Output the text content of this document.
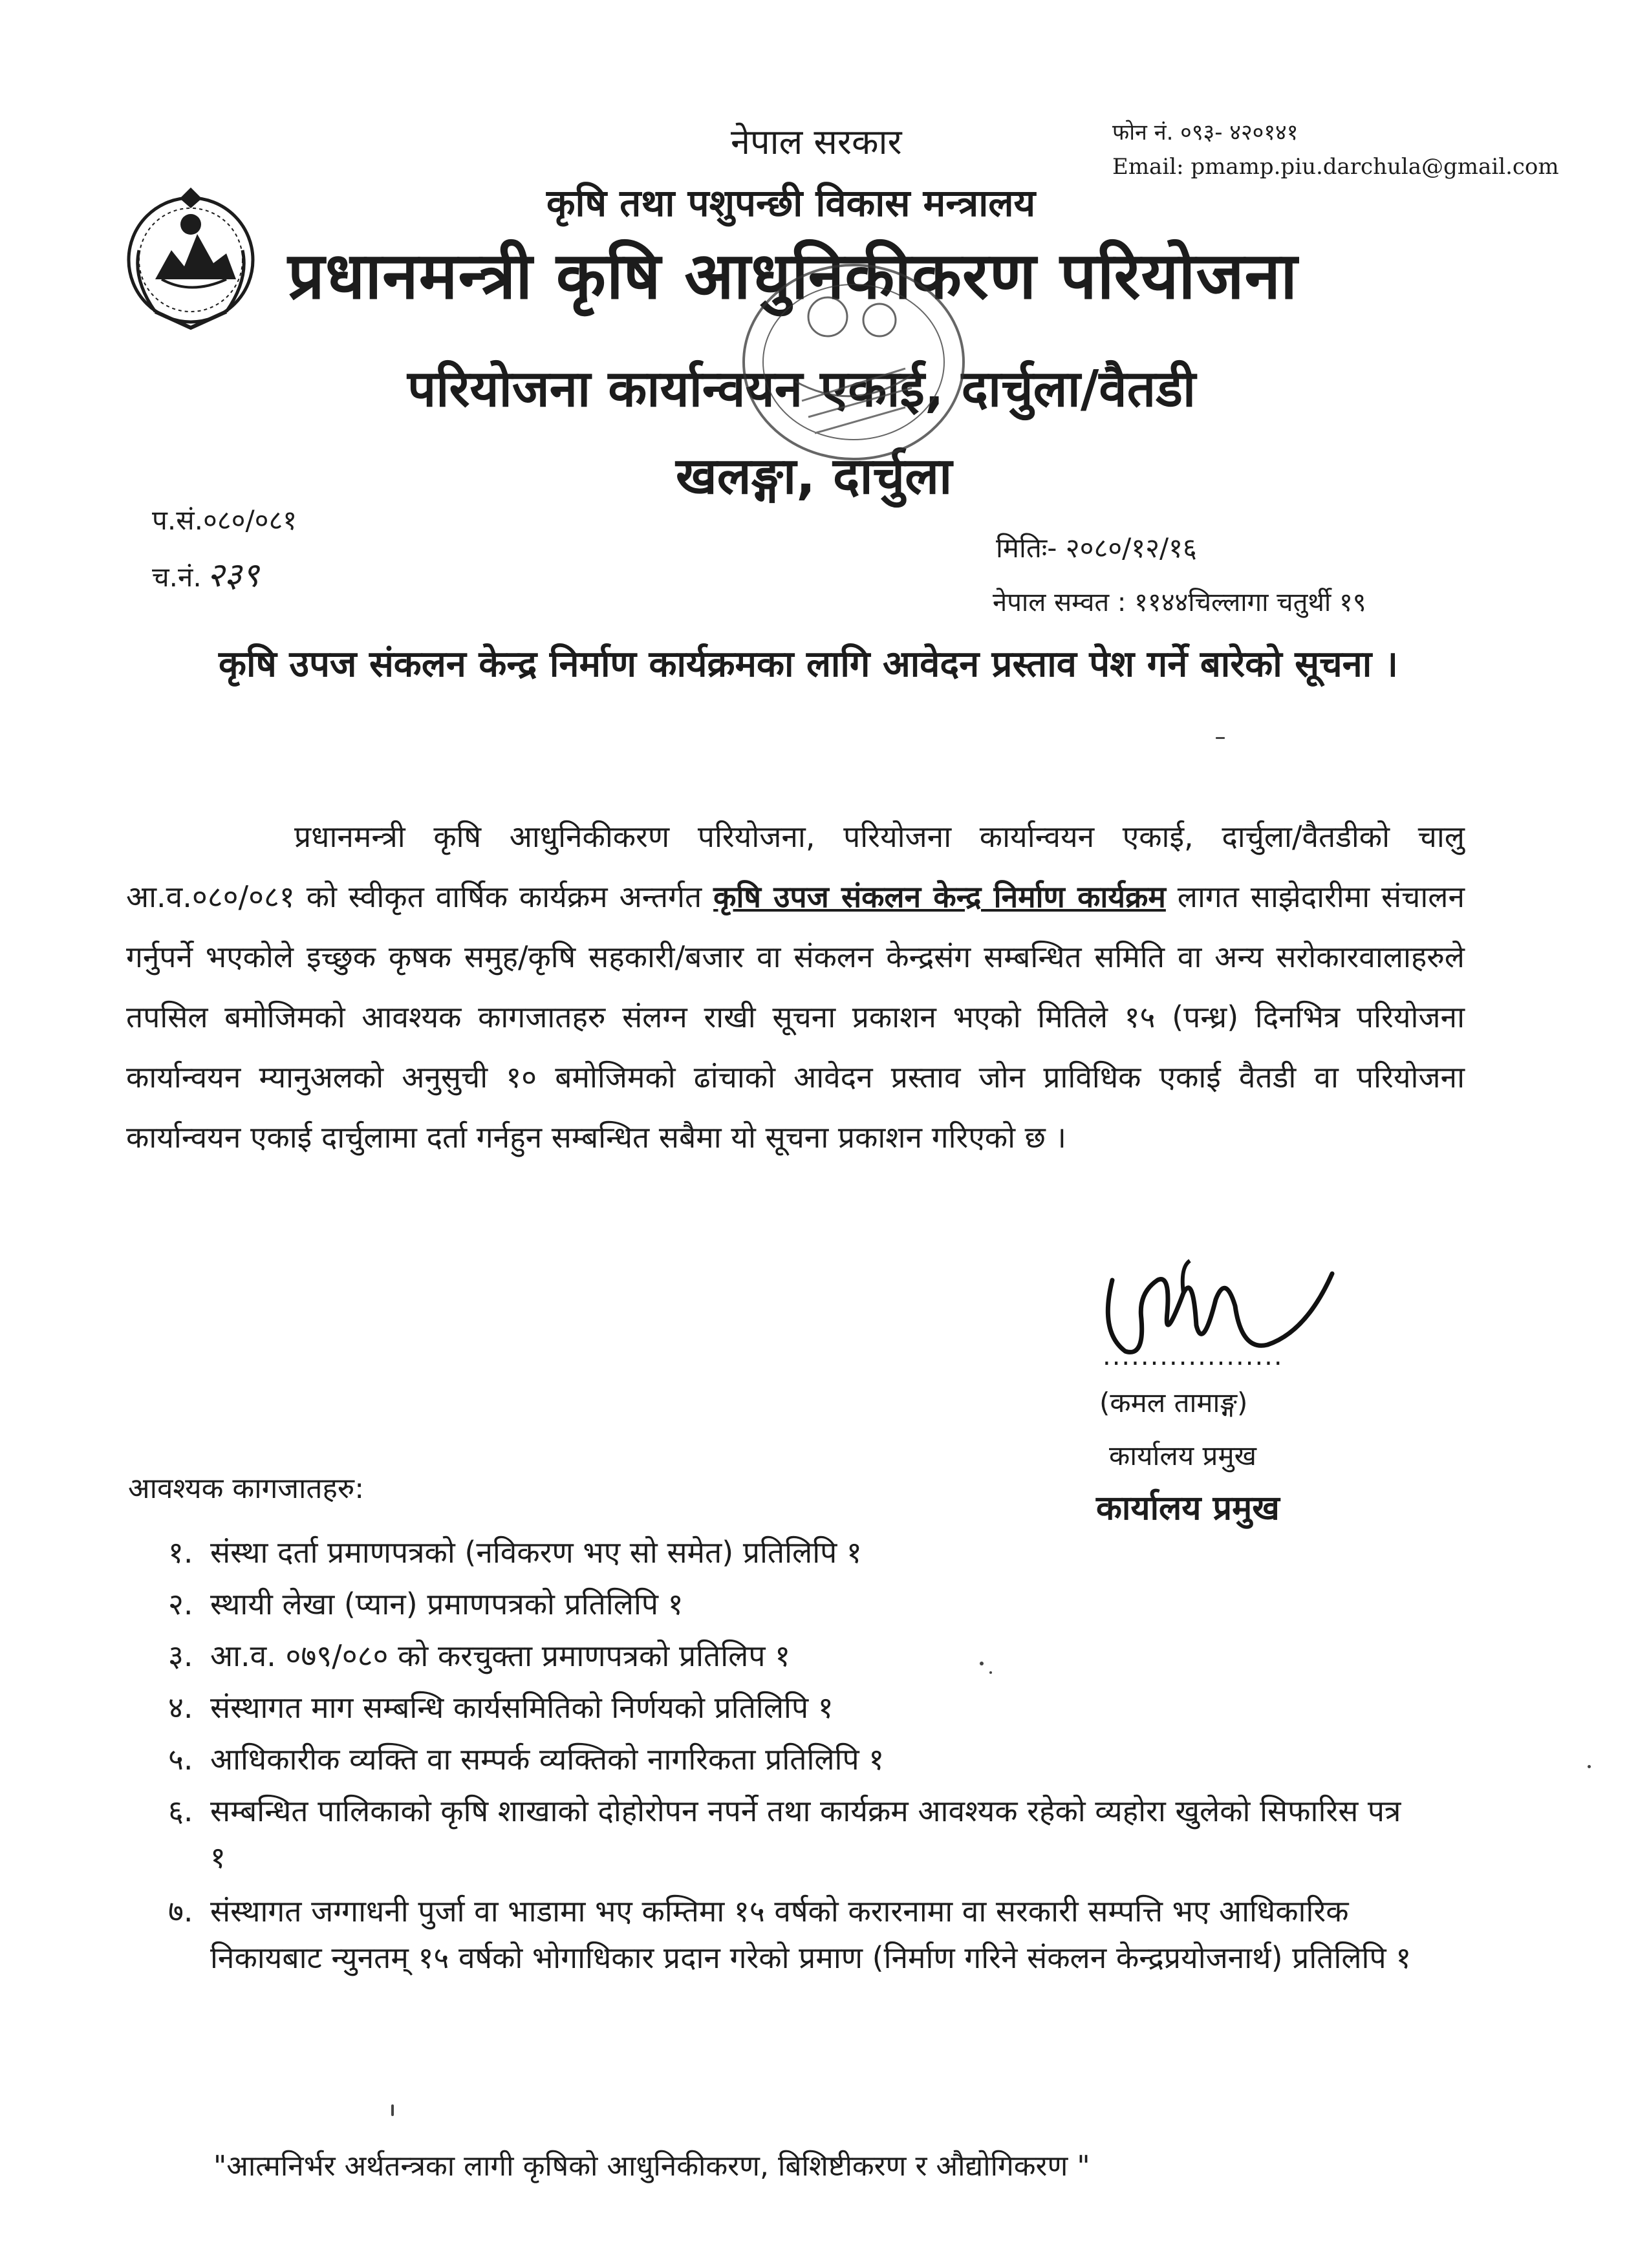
नेपाल सरकार
कृषि तथा पशुपन्छी विकास मन्त्रालय
प्रधानमन्त्री कृषि आधुनिकीकरण परियोजना
परियोजना कार्यान्वयन एकाई, दार्चुला/वैतडी
खलङ्गा, दार्चुला
फोन नं. ०९३- ४२०१४१
Email: pmamp.piu.darchula@gmail.com
प.सं.०८०/०८१
च.नं. २३९
मितिः- २०८०/१२/१६
नेपाल सम्वत : ११४४चिल्लागा चतुर्थी १९
कृषि उपज संकलन केन्द्र निर्माण कार्यक्रमका लागि आवेदन प्रस्ताव पेश गर्ने बारेको सूचना ।
प्रधानमन्त्री कृषि आधुनिकीकरण परियोजना, परियोजना कार्यान्वयन एकाई, दार्चुला/वैतडीको चालु आ.व.०८०/०८१ को स्वीकृत वार्षिक कार्यक्रम अन्तर्गत कृषि उपज संकलन केन्द्र निर्माण कार्यक्रम लागत साझेदारीमा संचालन गर्नुपर्ने भएकोले इच्छुक कृषक समुह/कृषि सहकारी/बजार वा संकलन केन्द्रसंग सम्बन्धित समिति वा अन्य सरोकारवालाहरुले तपसिल बमोजिमको आवश्यक कागजातहरु संलग्न राखी सूचना प्रकाशन भएको मितिले १५ (पन्ध्र) दिनभित्र परियोजना कार्यान्वयन म्यानुअलको अनुसुची १० बमोजिमको ढांचाको आवेदन प्रस्ताव जोन प्राविधिक एकाई वैतडी वा परियोजना कार्यान्वयन एकाई दार्चुलामा दर्ता गर्नहुन सम्बन्धित सबैमा यो सूचना प्रकाशन गरिएको छ ।
...................
(कमल तामाङ्ग)
कार्यालय प्रमुख
कार्यालय प्रमुख
आवश्यक कागजातहरु:
१. संस्था दर्ता प्रमाणपत्रको (नविकरण भए सो समेत) प्रतिलिपि १
२. स्थायी लेखा (प्यान) प्रमाणपत्रको प्रतिलिपि १
३. आ.व. ०७९/०८० को करचुक्ता प्रमाणपत्रको प्रतिलिप १
४. संस्थागत माग सम्बन्धि कार्यसमितिको निर्णयको प्रतिलिपि १
५. आधिकारीक व्यक्ति वा सम्पर्क व्यक्तिको नागरिकता प्रतिलिपि १
६. सम्बन्धित पालिकाको कृषि शाखाको दोहोरोपन नपर्ने तथा कार्यक्रम आवश्यक रहेको व्यहोरा खुलेको सिफारिस पत्र १
७. संस्थागत जग्गाधनी पुर्जा वा भाडामा भए कम्तिमा १५ वर्षको करारनामा वा सरकारी सम्पत्ति भए आधिकारिक निकायबाट न्युनतम् १५ वर्षको भोगाधिकार प्रदान गरेको प्रमाण (निर्माण गरिने संकलन केन्द्रप्रयोजनार्थ) प्रतिलिपि १
"आत्मनिर्भर अर्थतन्त्रका लागी कृषिको आधुनिकीकरण, बिशिष्टीकरण र औद्योगिकरण "
